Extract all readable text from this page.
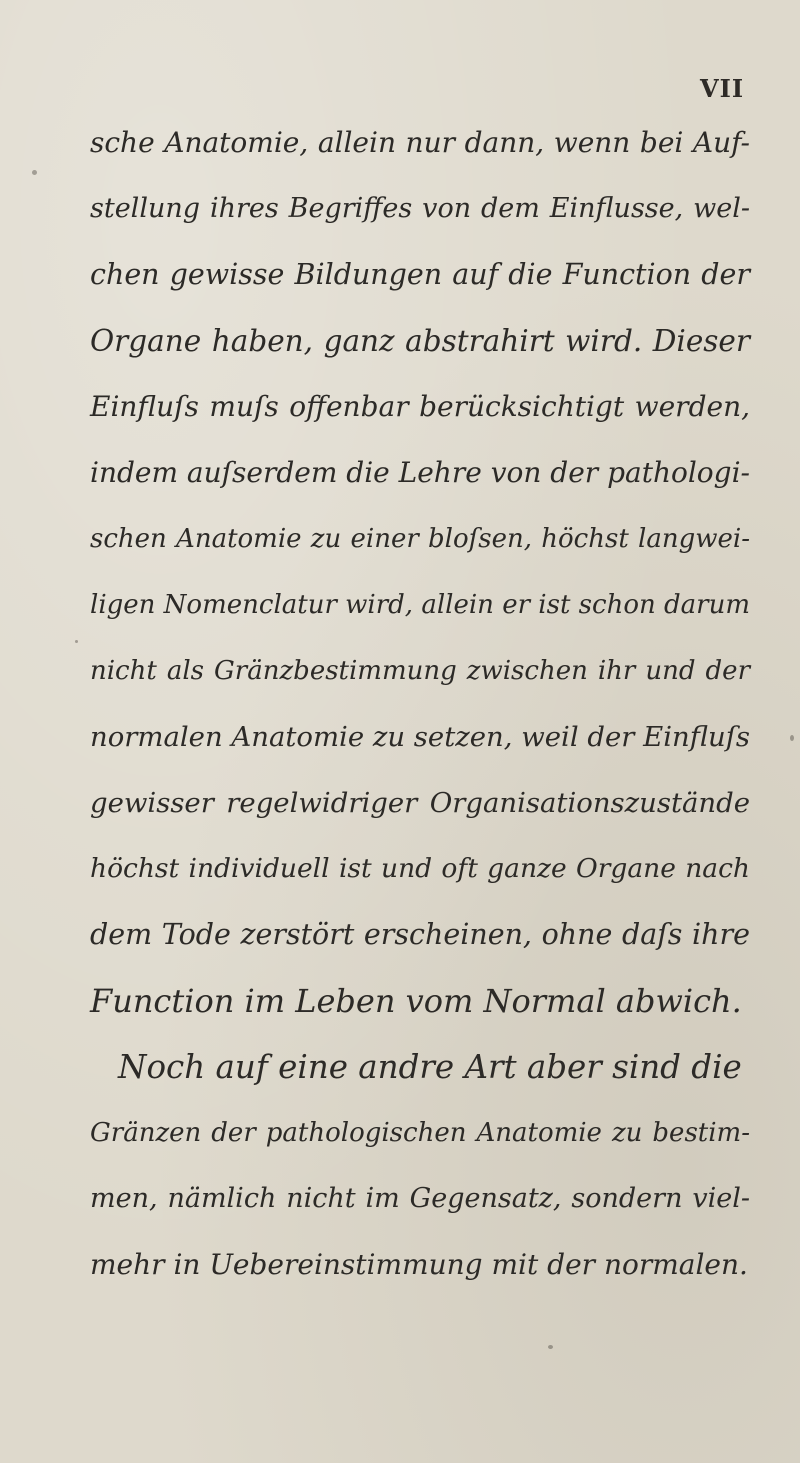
VII
sche Anatomie, allein nur dann, wenn bei Auf-
stellung ihres Begriffes von dem Einflusse, wel-
chen gewisse Bildungen auf die Function der
Organe haben, ganz abstrahirt wird. Dieser
Einfluſs muſs offenbar berücksichtigt werden,
indem auſserdem die Lehre von der pathologi-
schen Anatomie zu einer bloſsen, höchst langwei-
ligen Nomenclatur wird, allein er ist schon darum
nicht als Gränzbestimmung zwischen ihr und der
normalen Anatomie zu setzen, weil der Einfluſs
gewisser regelwidriger Organisationszustände
höchst individuell ist und oft ganze Organe nach
dem Tode zerstört erscheinen, ohne daſs ihre
Function im Leben vom Normal abwich.
Noch auf eine andre Art aber sind die
Gränzen der pathologischen Anatomie zu bestim-
men, nämlich nicht im Gegensatz, sondern viel-
mehr in Uebereinstimmung mit der normalen.
